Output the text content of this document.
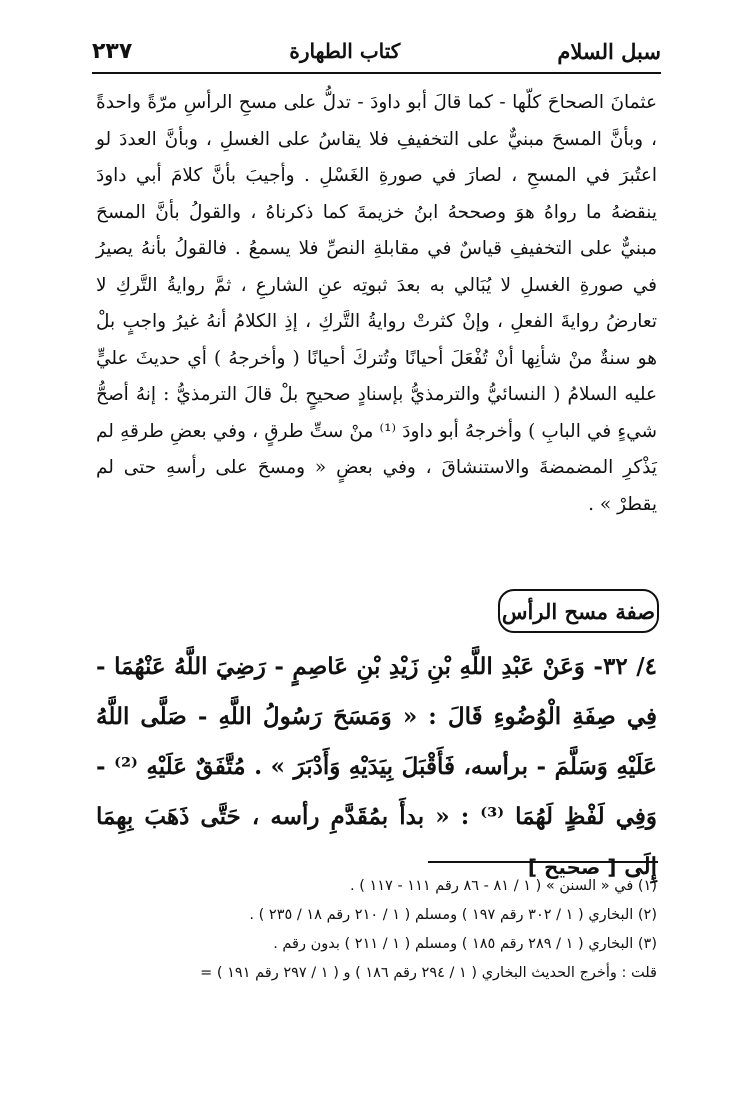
سبل السلام
كتاب الطهارة
٢٣٧

عثمانَ الصحاحَ كلّها - كما قالَ أبو داودَ - تدلُّ على مسحِ الرأسِ مرّةً واحدةً ، وبأنَّ المسحَ مبنيٌّ على التخفيفِ فلا يقاسُ على الغسلِ ، وبأنَّ العددَ لو اعتُبرَ في المسحِ ، لصارَ في صورةِ الغَسْلِ . وأجيبَ بأنَّ كلامَ أبي داودَ ينقضهُ ما رواهُ هوَ وصححهُ ابنُ خزيمةَ كما ذكرناهُ ، والقولُ بأنَّ المسحَ مبنيٌّ على التخفيفِ قياسٌ في مقابلةِ النصِّ فلا يسمعُ . فالقولُ بأنهُ يصيرُ في صورةِ الغسلِ لا يُبَالي به بعدَ ثبوتِه عنِ الشارعِ ، ثمَّ روايةُ التَّركِ لا تعارضُ روايةَ الفعلِ ، وإنْ كثرتْ روايةُ التَّركِ ، إذِ الكلامُ أنهُ غيرُ واجبٍ بلْ هو سنةٌ منْ شأنِها أنْ تُفْعَلَ أحيانًا وتُتركَ أحيانًا ( وأخرجهُ ) أي حديثَ عليٍّ عليه السلامُ ( النسائيُّ والترمذيُّ بإسنادٍ صحيحٍ بلْ قالَ الترمذيُّ : إنهُ أصحُّ شيءٍ في البابِ ) وأخرجهُ أبو داودَ ⁽¹⁾ منْ ستِّ طرقٍ ، وفي بعضِ طرقهِ لم يَذْكرِ المضمضةَ والاستنشاقَ ، وفي بعضٍ « ومسحَ على رأسهِ حتى لم يقطرْ » .

صفة مسح الرأس

٤/ ٣٢- وَعَنْ عَبْدِ اللَّهِ بْنِ زَيْدِ بْنِ عَاصِمٍ - رَضِيَ اللَّهُ عَنْهُمَا - فِي صِفَةِ الْوُضُوءِ قَالَ : « وَمَسَحَ رَسُولُ اللَّهِ - صَلَّى اللَّهُ عَلَيْهِ وَسَلَّمَ - برأسه، فَأَقْبَلَ بِيَدَيْهِ وَأَدْبَرَ » . مُتَّفَقٌ عَلَيْهِ ⁽²⁾ - وَفِي لَفْظٍ لَهُمَا ⁽³⁾ : « بدأَ بمُقَدَّمِ رأسه ، حَتَّى ذَهَبَ بِهِمَا إِلَى [ صحيح ]

(١) في « السنن » ( ١ / ٨١ - ٨٦ رقم ١١١ - ١١٧ ) .
(٢) البخاري ( ١ / ٣٠٢ رقم ١٩٧ ) ومسلم ( ١ / ٢١٠ رقم ١٨ / ٢٣٥ ) .
(٣) البخاري ( ١ / ٢٨٩ رقم ١٨٥ ) ومسلم ( ١ / ٢١١ ) بدون رقم .
قلت : وأخرج الحديث البخاري ( ١ / ٢٩٤ رقم ١٨٦ ) و ( ١ / ٢٩٧ رقم ١٩١ ) =
